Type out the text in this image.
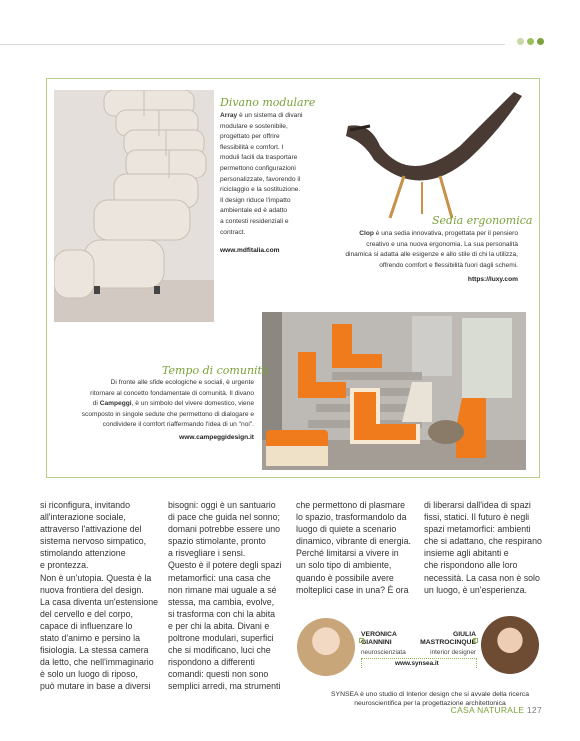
Divano modulare
Array è un sistema di divani
modulare e sostenibile,
progettato per offrire
flessibilità e comfort. I
moduli facili da trasportare
permettono configurazioni
personalizzate, favorendo il
riciclaggio e la sostituzione.
Il design riduce l'impatto
ambientale ed è adatto
a contesti residenziali e
contract.
www.mdfitalia.com
Sedia ergonomica
Clop è una sedia innovativa, progettata per il pensiero
creativo e una nuova ergonomia. La sua personalità
dinamica si adatta alle esigenze e allo stile di chi la utilizza,
offrendo comfort e flessibilità fuori dagli schemi.
https://luxy.com
Tempo di comunità
Di fronte alle sfide ecologiche e sociali, è urgente
ritornare al concetto fondamentale di comunità. Il divano
di Campeggi, è un simbolo del vivere domestico, viene
scomposto in singole sedute che permettono di dialogare e
condividere il comfort riaffermando l'idea di un "noi".
www.campeggidesign.it

si riconfigura, invitando

all'interazione sociale,

attraverso l'attivazione del

sistema nervoso simpatico,

stimolando attenzione

e prontezza.

Non è un'utopia. Questa è la

nuova frontiera del design.

La casa diventa un'estensione

del cervello e del corpo,

capace di influenzare lo

stato d'animo e persino la

fisiologia. La stessa camera

da letto, che nell'immaginario

è solo un luogo di riposo,

può mutare in base a diversi

bisogni: oggi è un santuario

di pace che guida nel sonno;

domani potrebbe essere uno

spazio stimolante, pronto

a risvegliare i sensi.

Questo è il potere degli spazi

metamorfici: una casa che

non rimane mai uguale a sé

stessa, ma cambia, evolve,

si trasforma con chi la abita

e per chi la abita. Divani e

poltrone modulari, superfici

che si modificano, luci che

rispondono a differenti

comandi: questi non sono

semplici arredi, ma strumenti

che permettono di plasmare

lo spazio, trasformandolo da

luogo di quiete a scenario

dinamico, vibrante di energia.

Perché limitarsi a vivere in

un solo tipo di ambiente,

quando è possibile avere

molteplici case in una? È ora

di liberarsi dall'idea di spazi

fissi, statici. Il futuro è negli

spazi metamorfici: ambienti

che si adattano, che respirano

insieme agli abitanti e

che rispondono alle loro

necessità. La casa non è solo

un luogo, è un'esperienza.

VERONICA
GIANNINI
neuroscienziata
GIULIA
MASTROCINQUE
interior designer
www.synsea.it
SYNSEA è uno studio di Interior design che si avvale della ricerca
neuroscientifica per la progettazione architettonica
CASA NATURALE 127
